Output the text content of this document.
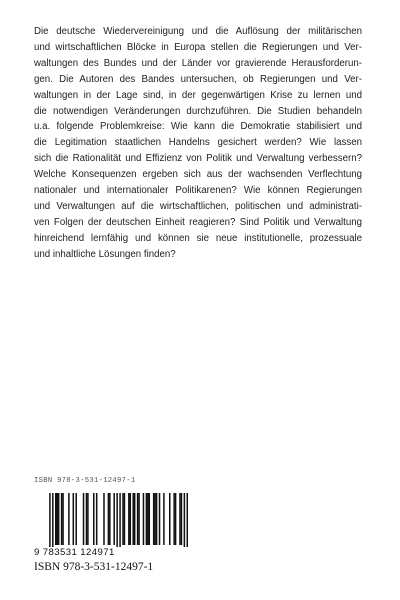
Die deutsche Wiedervereinigung und die Auflösung der militärischen
und wirtschaftlichen Blöcke in Europa stellen die Regierungen und Ver-
waltungen des Bundes und der Länder vor gravierende Herausforderun-
gen. Die Autoren des Bandes untersuchen, ob Regierungen und Ver-
waltungen in der Lage sind, in der gegenwärtigen Krise zu lernen und
die notwendigen Veränderungen durchzuführen. Die Studien behandeln
u.a. folgende Problemkreise: Wie kann die Demokratie stabilisiert und
die Legitimation staatlichen Handelns gesichert werden? Wie lassen
sich die Rationalität und Effizienz von Politik und Verwaltung verbessern?
Welche Konsequenzen ergeben sich aus der wachsenden Verflechtung
nationaler und internationaler Politikarenen? Wie können Regierungen
und Verwaltungen auf die wirtschaftlichen, politischen und administrati-
ven Folgen der deutschen Einheit reagieren? Sind Politik und Verwaltung
hinreichend lernfähig und können sie neue institutionelle, prozessuale
und inhaltliche Lösungen finden?
ISBN 978-3-531-12497-1
9 783531 124971
ISBN 978-3-531-12497-1
